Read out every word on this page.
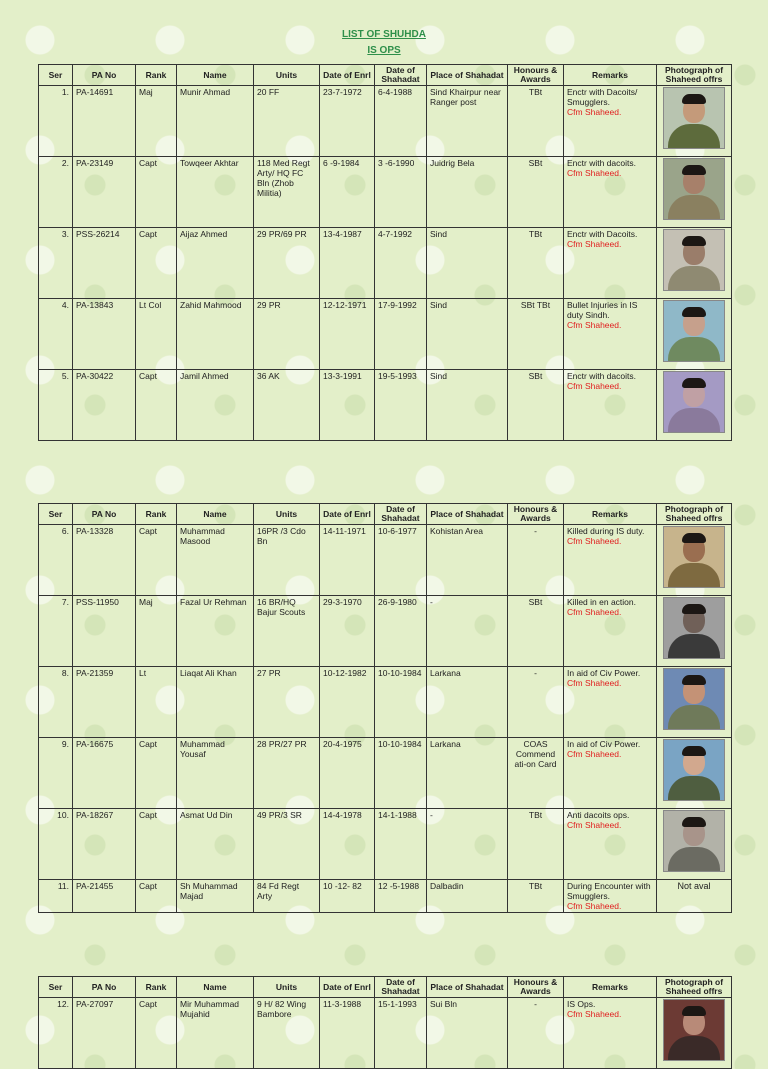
LIST OF SHUHDA
IS OPS
Ser	PA No	Rank	Name	Units	Date of Enrl	Date of Shahadat	Place of Shahadat	Honours & Awards	Remarks	Photograph of Shaheed offrs
1.	PA-14691	Maj	Munir Ahmad	20 FF	23-7-1972	6-4-1988	Sind Khairpur near Ranger post	TBt	Enctr with Dacoits/ Smugglers.
Cfm Shaheed.	

2.	PA-23149	Capt	Towqeer Akhtar	118 Med Regt Arty/ HQ FC Bln (Zhob Militia)	6 -9-1984	3 -6-1990	Juidrig Bela	SBt	Enctr with dacoits.
Cfm Shaheed.	

3.	PSS-26214	Capt	Aijaz Ahmed	29 PR/69 PR	13-4-1987	4-7-1992	Sind	TBt	Enctr with Dacoits.
Cfm Shaheed.	

4.	PA-13843	Lt Col	Zahid Mahmood	29 PR	12-12-1971	17-9-1992	Sind	SBt TBt	Bullet Injuries in IS duty Sindh.
Cfm Shaheed.	

5.	PA-30422	Capt	Jamil Ahmed	36 AK	13-3-1991	19-5-1993	Sind	SBt	Enctr with dacoits.
Cfm Shaheed.	

Ser	PA No	Rank	Name	Units	Date of Enrl	Date of Shahadat	Place of Shahadat	Honours & Awards	Remarks	Photograph of Shaheed offrs
6.	PA-13328	Capt	Muhammad Masood	16PR /3 Cdo Bn	14-11-1971	10-6-1977	Kohistan Area	-	Killed during IS duty.
Cfm Shaheed.	

7.	PSS-11950	Maj	Fazal Ur Rehman	16 BR/HQ Bajur Scouts	29-3-1970	26-9-1980	-	SBt	Killed in en action.
Cfm Shaheed.	

8.	PA-21359	Lt	Liaqat Ali Khan	27 PR	10-12-1982	10-10-1984	Larkana	-	In aid of Civ Power.
Cfm Shaheed.	

9.	PA-16675	Capt	Muhammad Yousaf	28 PR/27 PR	20-4-1975	10-10-1984	Larkana	COAS Commend ati-on Card	In aid of Civ Power.
Cfm Shaheed.	

10.	PA-18267	Capt	Asmat Ud Din	49 PR/3 SR	14-4-1978	14-1-1988	-	TBt	Anti dacoits ops.
Cfm Shaheed.	

11.	PA-21455	Capt	Sh Muhammad Majad	84 Fd Regt Arty	10 -12- 82	12 -5-1988	Dalbadin	TBt	During Encounter with Smugglers.
Cfm Shaheed.	Not aval
Ser	PA No	Rank	Name	Units	Date of Enrl	Date of Shahadat	Place of Shahadat	Honours & Awards	Remarks	Photograph of Shaheed offrs
12.	PA-27097	Capt	Mir Muhammad Mujahid	9 H/ 82 Wing Bambore	11-3-1988	15-1-1993	Sui Bln	-	IS Ops.
Cfm Shaheed.	
